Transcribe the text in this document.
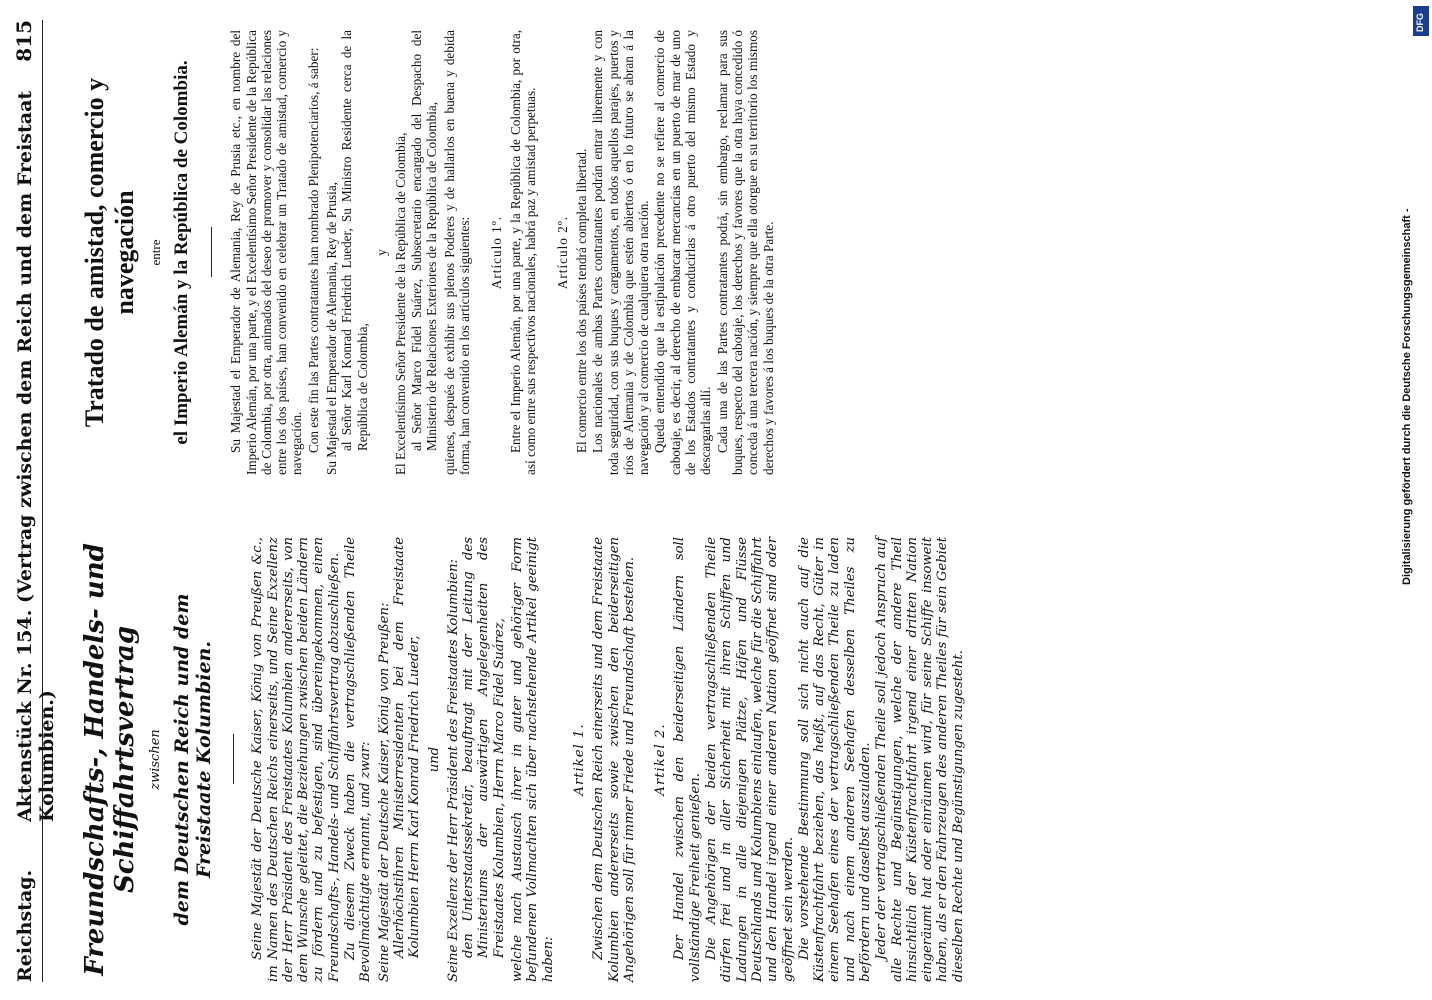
Reichstag.
Aktenstück Nr. 154. (Vertrag zwischen dem Reich und dem Freistaat Kolumbien.)
815
Freundschafts-, Handels- und Schiffahrtsvertrag zwischen dem Deutschen Reich und dem Freistaate Kolumbien.	Seine Majestät der Deutsche Kaiser, König von Preußen &c., im Namen des Deutschen Reichs einerseits, und Seine Exzellenz der Herr Präsident des Freistaates Kolumbien andererseits, von dem Wunsche geleitet, die Beziehungen zwischen beiden Ländern zu fördern und zu befestigen, sind übereingekommen, einen Freundschafts-, Handels- und Schiffahrtsvertrag abzuschließen. Zu diesem Zweck haben die vertragschließenden Theile Bevollmächtigte ernannt, und zwar: Seine Majestät der Deutsche Kaiser, König von Preußen: Allerhöchstihren Ministerresidenten bei dem Freistaate Kolumbien Herrn Karl Konrad Friedrich Lueder, und Seine Exzellenz der Herr Präsident des Freistaates Kolumbien: den Unterstaatssekretär, beauftragt mit der Leitung des Ministeriums der auswärtigen Angelegenheiten des Freistaates Kolumbien, Herrn Marco Fidel Suárez, welche nach Austausch ihrer in guter und gehöriger Form befundenen Vollmachten sich über nachstehende Artikel geeinigt haben:

Artikel 1. Zwischen dem Deutschen Reich einerseits und dem Freistaate Kolumbien andererseits sowie zwischen den beiderseitigen Angehörigen soll für immer Friede und Freundschaft bestehen. Artikel 2. Der Handel zwischen den beiderseitigen Ländern soll vollständige Freiheit genießen. Die Angehörigen der beiden vertragschließenden Theile dürfen frei und in aller Sicherheit mit ihren Schiffen und Ladungen in alle diejenigen Plätze, Häfen und Flüsse Deutschlands und Kolumbiens einlaufen, welche für die Schiffahrt und den Handel irgend einer anderen Nation geöffnet sind oder geöffnet sein werden. Die vorstehende Bestimmung soll sich nicht auch auf die Küstenfrachtfahrt beziehen, das heißt, auf das Recht, Güter in einem Seehafen eines der vertragschließenden Theile zu laden und nach einem anderen Seehafen desselben Theiles zu befördern und daselbst auszuladen. Jeder der vertragschließenden Theile soll jedoch Anspruch auf alle Rechte und Begünstigungen, welche der andere Theil hinsichtlich der Küstenfrachtfahrt irgend einer dritten Nation eingeräumt hat oder einräumen wird, für seine Schiffe insoweit haben, als er den Fahrzeugen des anderen Theiles für sein Gebiet dieselben Rechte und Begünstigungen zugesteht.

Tratado de amistad, comercio y navegación entre el Imperio Alemán y la República de Colombia.	Su Majestad el Emperador de Alemania, Rey de Prusia etc., en nombre del Imperio Alemán, por una parte, y el Excelentísimo Señor Presidente de la República de Colombia, por otra, animados del deseo de promover y consolidar las relaciones entre los dos países, han convenido en celebrar un Tratado de amistad, comercio y navegación. Con este fin las Partes contratantes han nombrado Plenipotenciarios, á saber: Su Majestad el Emperador de Alemania, Rey de Prusia, al Señor Karl Konrad Friedrich Lueder, Su Ministro Residente cerca de la República de Colombia,

y El Excelentísimo Señor Presidente de la República de Colombia, al Señor Marco Fidel Suárez, Subsecretario encargado del Despacho del Ministerio de Relaciones Exteriores de la República de Colombia, quienes, después de exhibir sus plenos Poderes y de hallarlos en buena y debida forma, han convenido en los artículos siguientes: Artículo 1º. Entre el Imperio Alemán, por una parte, y la República de Colombia, por otra, así como entre sus respectivos nacionales, habrá paz y amistad perpetuas. Artículo 2º. El comercio entre los dos países tendrá completa libertad. Los nacionales de ambas Partes contratantes podrán entrar libremente y con toda seguridad, con sus buques y cargamentos, en todos aquellos parajes, puertos y ríos de Alemania y de Colombia que estén abiertos ó en lo futuro se abran á la navegación y al comercio de cualquiera otra nación. Queda entendido que la estipulación precedente no se refiere al comercio de cabotaje, es decir, al derecho de embarcar mercancías en un puerto de mar de uno de los Estados contratantes y conducirlas á otro puerto del mismo Estado y descargarlas allí. Cada una de las Partes contratantes podrá, sin embargo, reclamar para sus buques, respecto del cabotaje, los derechos y favores que la otra haya concedido ó conceda á una tercera nación, y siempre que ella otorgue en su territorio los mismos derechos y favores á los buques de la otra Parte.

DFG
Digitalisierung gefördert durch die Deutsche Forschungsgemeinschaft -
